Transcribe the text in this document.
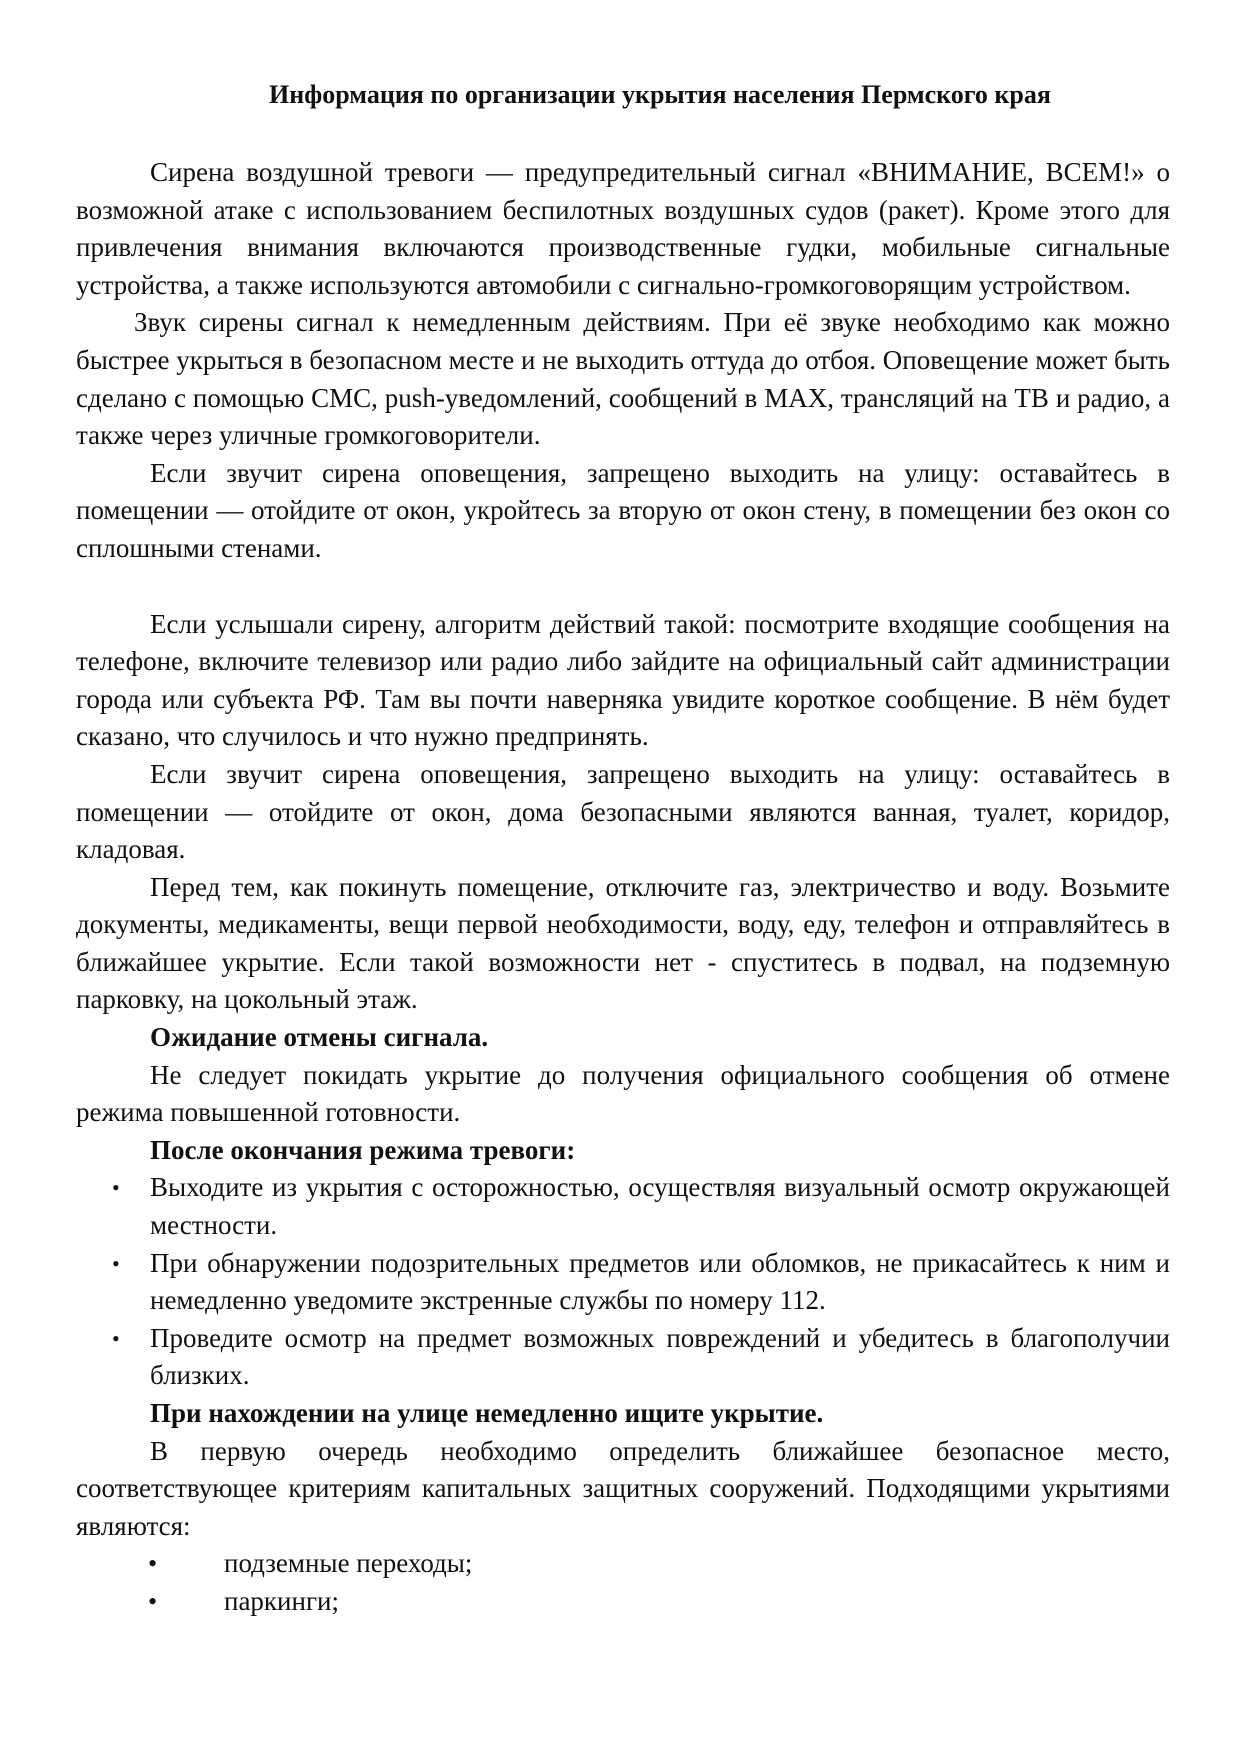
Информация по организации укрытия населения Пермского края

Сирена воздушной тревоги — предупредительный сигнал «ВНИМАНИЕ, ВСЕМ!» о возможной атаке с использованием беспилотных воздушных судов (ракет). Кроме этого для привлечения внимания включаются производственные гудки, мобильные сигнальные устройства, а также используются автомобили с сигнально-громкоговорящим устройством.

Звук сирены сигнал к немедленным действиям. При её звуке необходимо как можно быстрее укрыться в безопасном месте и не выходить оттуда до отбоя. Оповещение может быть сделано с помощью СМС, push-уведомлений, сообщений в МАХ, трансляций на ТВ и радио, а также через уличные громкоговорители.

Если звучит сирена оповещения, запрещено выходить на улицу: оставайтесь в помещении — отойдите от окон, укройтесь за вторую от окон стену, в помещении без окон со сплошными стенами.

Если услышали сирену, алгоритм действий такой: посмотрите входящие сообщения на телефоне, включите телевизор или радио либо зайдите на официальный сайт администрации города или субъекта РФ. Там вы почти наверняка увидите короткое сообщение. В нём будет сказано, что случилось и что нужно предпринять.

Если звучит сирена оповещения, запрещено выходить на улицу: оставайтесь в помещении — отойдите от окон, дома безопасными являются ванная, туалет, коридор, кладовая.

Перед тем, как покинуть помещение, отключите газ, электричество и воду. Возьмите документы, медикаменты, вещи первой необходимости, воду, еду, телефон и отправляйтесь в ближайшее укрытие. Если такой возможности нет - спуститесь в подвал, на подземную парковку, на цокольный этаж.

Ожидание отмены сигнала.

Не следует покидать укрытие до получения официального сообщения об отмене режима повышенной готовности.

После окончания режима тревоги:

• Выходите из укрытия с осторожностью, осуществляя визуальный осмотр окружающей местности.
• При обнаружении подозрительных предметов или обломков, не прикасайтесь к ним и немедленно уведомите экстренные службы по номеру 112.
• Проведите осмотр на предмет возможных повреждений и убедитесь в благополучии близких.

При нахождении на улице немедленно ищите укрытие.

В первую очередь необходимо определить ближайшее безопасное место, соответствующее критериям капитальных защитных сооружений. Подходящими укрытиями являются:

• подземные переходы;
• паркинги;
